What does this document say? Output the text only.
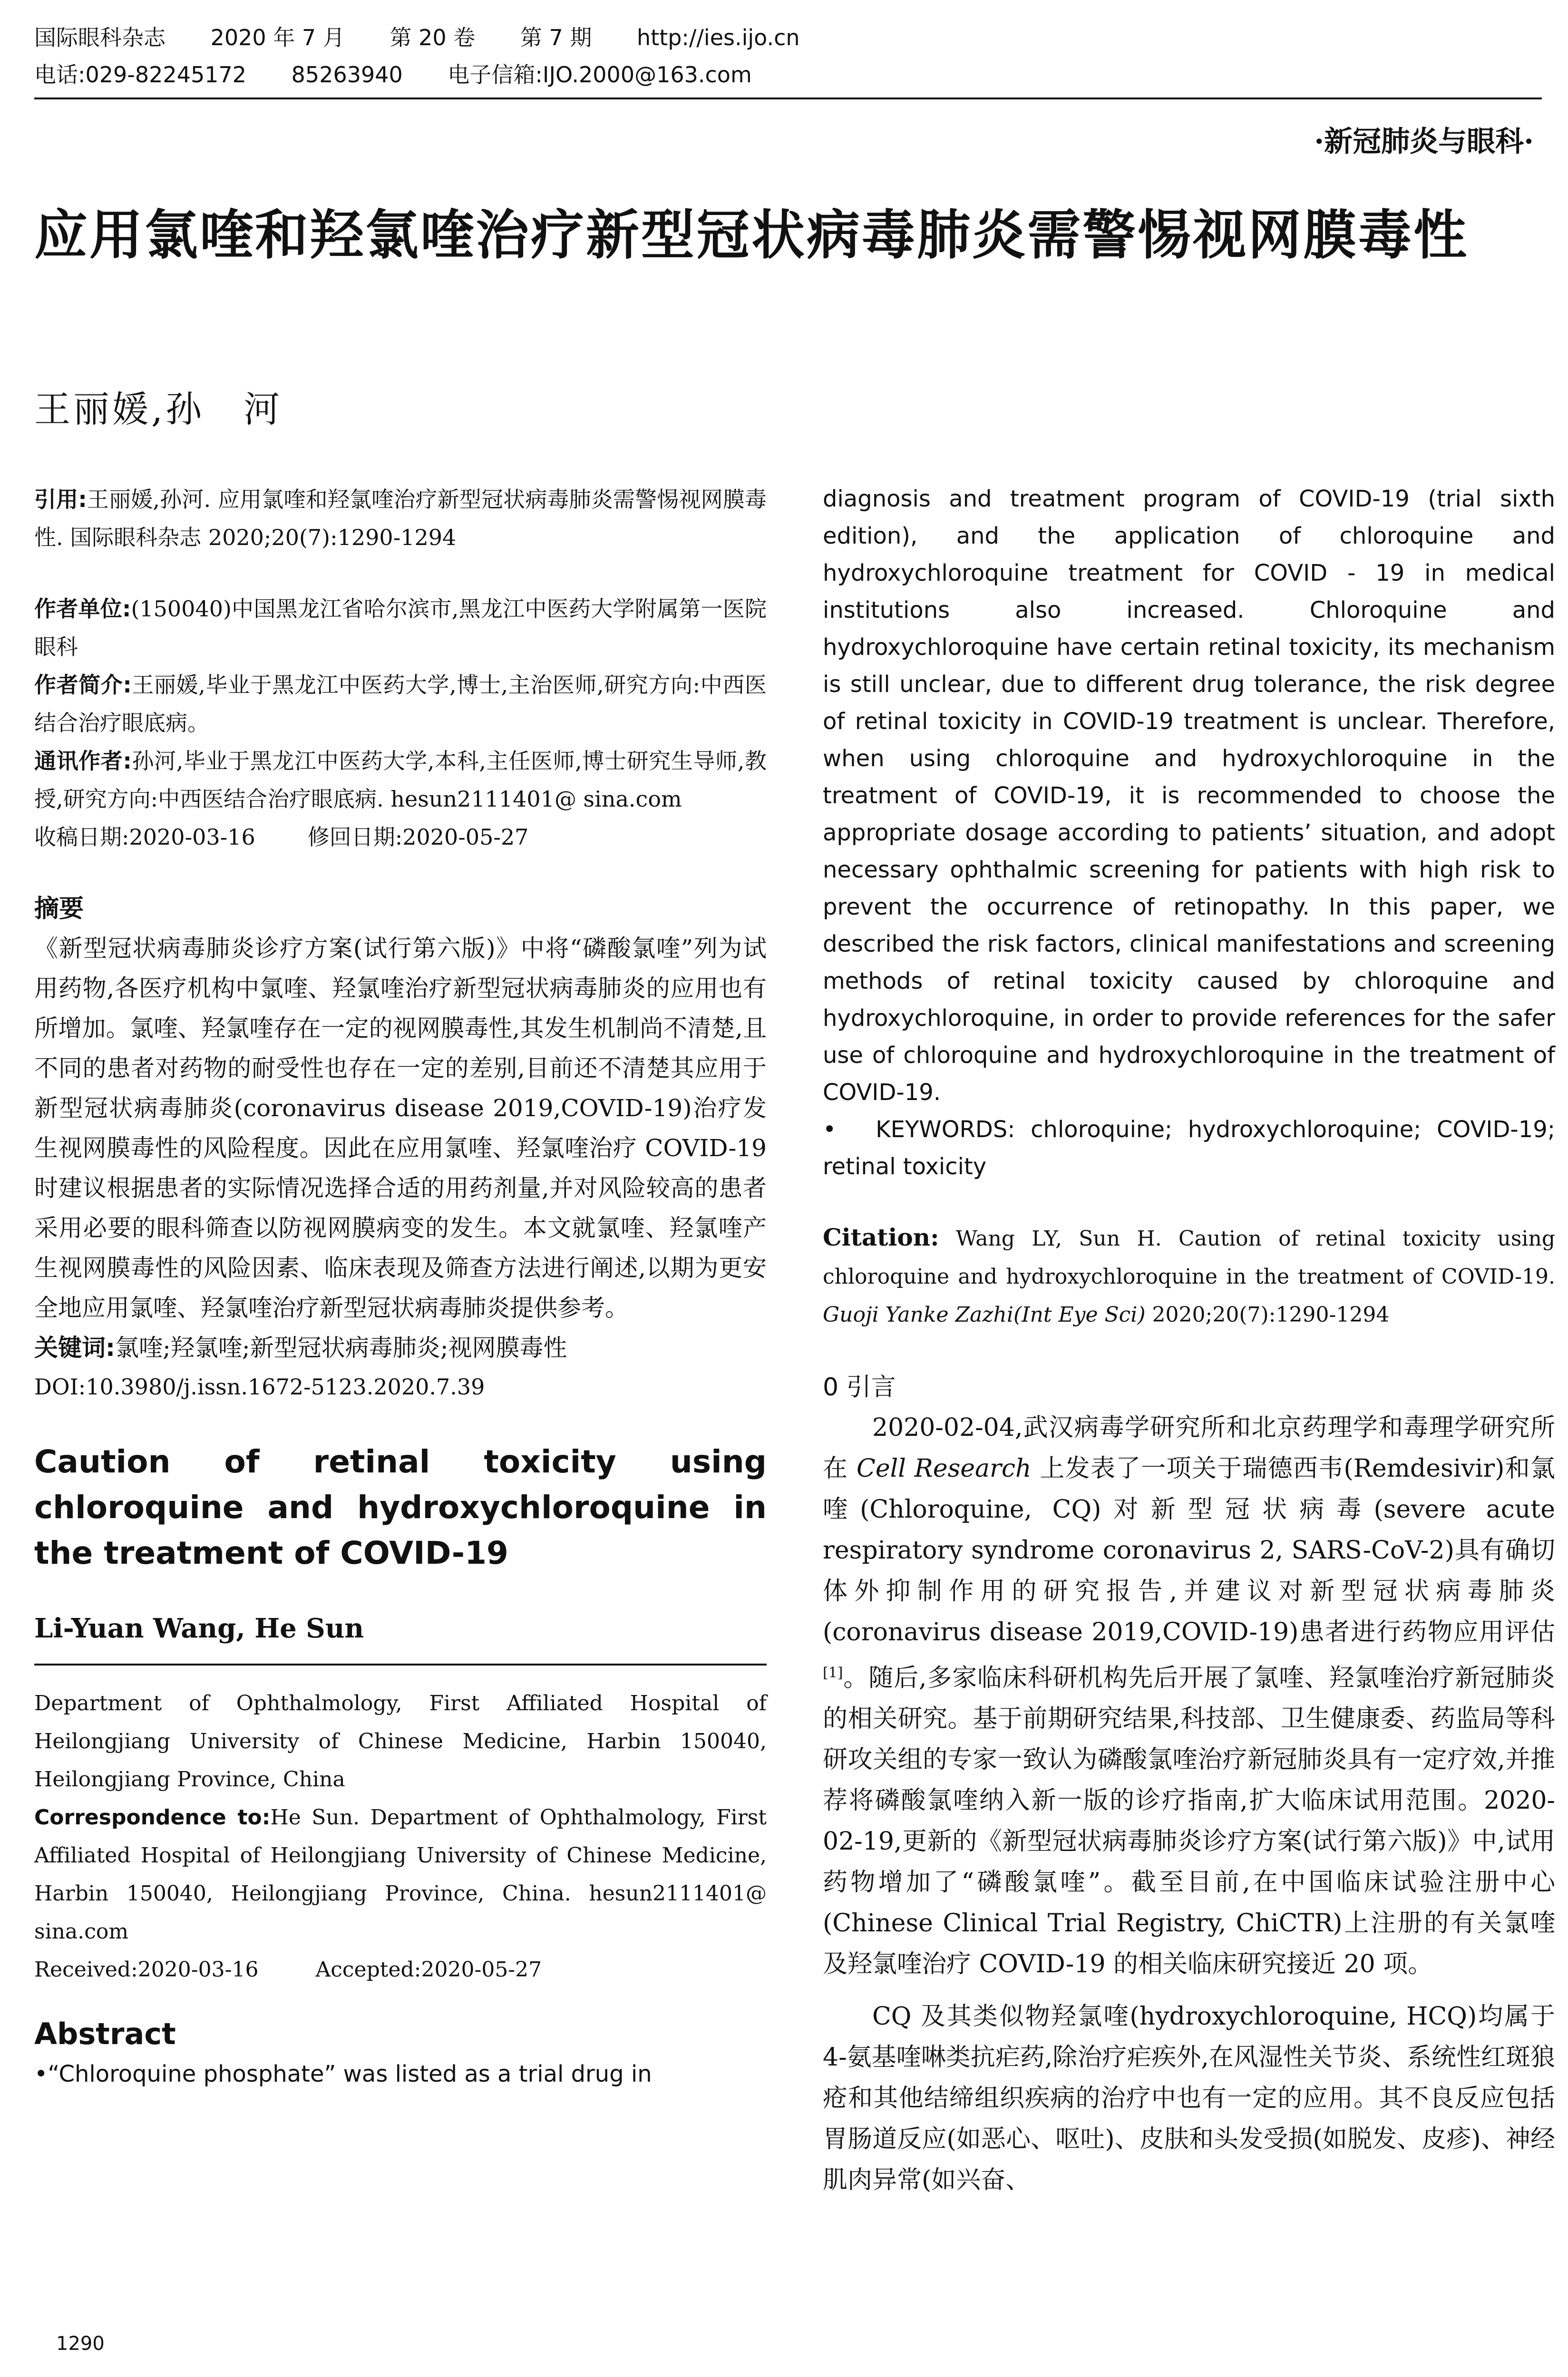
国际眼科杂志 2020 年 7 月 第 20 卷 第 7 期 http://ies.ijo.cn
电话:029-82245172 85263940 电子信箱:IJO.2000@163.com
·新冠肺炎与眼科·
应用氯喹和羟氯喹治疗新型冠状病毒肺炎需警惕视网膜毒性
王丽媛,孙　河
引用:王丽媛,孙河. 应用氯喹和羟氯喹治疗新型冠状病毒肺炎需警惕视网膜毒性. 国际眼科杂志 2020;20(7):1290-1294
作者单位:(150040)中国黑龙江省哈尔滨市,黑龙江中医药大学附属第一医院眼科
作者简介:王丽媛,毕业于黑龙江中医药大学,博士,主治医师,研究方向:中西医结合治疗眼底病。
通讯作者:孙河,毕业于黑龙江中医药大学,本科,主任医师,博士研究生导师,教授,研究方向:中西医结合治疗眼底病. hesun2111401@ sina.com
收稿日期:2020-03-16 修回日期:2020-05-27
摘要
《新型冠状病毒肺炎诊疗方案(试行第六版)》中将“磷酸氯喹”列为试用药物,各医疗机构中氯喹、羟氯喹治疗新型冠状病毒肺炎的应用也有所增加。氯喹、羟氯喹存在一定的视网膜毒性,其发生机制尚不清楚,且不同的患者对药物的耐受性也存在一定的差别,目前还不清楚其应用于新型冠状病毒肺炎(coronavirus disease 2019,COVID-19)治疗发生视网膜毒性的风险程度。因此在应用氯喹、羟氯喹治疗 COVID-19 时建议根据患者的实际情况选择合适的用药剂量,并对风险较高的患者采用必要的眼科筛查以防视网膜病变的发生。本文就氯喹、羟氯喹产生视网膜毒性的风险因素、临床表现及筛查方法进行阐述,以期为更安全地应用氯喹、羟氯喹治疗新型冠状病毒肺炎提供参考。
关键词:氯喹;羟氯喹;新型冠状病毒肺炎;视网膜毒性
DOI:10.3980/j.issn.1672-5123.2020.7.39
Caution of retinal toxicity using chloroquine and hydroxychloroquine in the treatment of COVID-19
Li-Yuan Wang, He Sun
Department of Ophthalmology, First Affiliated Hospital of Heilongjiang University of Chinese Medicine, Harbin 150040, Heilongjiang Province, China
Correspondence to:He Sun. Department of Ophthalmology, First Affiliated Hospital of Heilongjiang University of Chinese Medicine, Harbin 150040, Heilongjiang Province, China. hesun2111401@ sina.com
Received:2020-03-16	Accepted:2020-05-27
Abstract
•“Chloroquine phosphate” was listed as a trial drug in
diagnosis and treatment program of COVID-19 (trial sixth edition), and the application of chloroquine and hydroxychloroquine treatment for COVID - 19 in medical institutions also increased. Chloroquine and hydroxychloroquine have certain retinal toxicity, its mechanism is still unclear, due to different drug tolerance, the risk degree of retinal toxicity in COVID-19 treatment is unclear. Therefore, when using chloroquine and hydroxychloroquine in the treatment of COVID-19, it is recommended to choose the appropriate dosage according to patients’ situation, and adopt necessary ophthalmic screening for patients with high risk to prevent the occurrence of retinopathy. In this paper, we described the risk factors, clinical manifestations and screening methods of retinal toxicity caused by chloroquine and hydroxychloroquine, in order to provide references for the safer use of chloroquine and hydroxychloroquine in the treatment of COVID-19.
•　KEYWORDS: chloroquine; hydroxychloroquine; COVID-19; retinal toxicity
Citation: Wang LY, Sun H. Caution of retinal toxicity using chloroquine and hydroxychloroquine in the treatment of COVID-19. Guoji Yanke Zazhi(Int Eye Sci) 2020;20(7):1290-1294
0 引言
2020-02-04,武汉病毒学研究所和北京药理学和毒理学研究所在 Cell Research 上发表了一项关于瑞德西韦(Remdesivir)和氯喹(Chloroquine, CQ)对新型冠状病毒(severe acute respiratory syndrome coronavirus 2, SARS-CoV-2)具有确切体外抑制作用的研究报告,并建议对新型冠状病毒肺炎(coronavirus disease 2019,COVID-19)患者进行药物应用评估[1]。随后,多家临床科研机构先后开展了氯喹、羟氯喹治疗新冠肺炎的相关研究。基于前期研究结果,科技部、卫生健康委、药监局等科研攻关组的专家一致认为磷酸氯喹治疗新冠肺炎具有一定疗效,并推荐将磷酸氯喹纳入新一版的诊疗指南,扩大临床试用范围。2020-02-19,更新的《新型冠状病毒肺炎诊疗方案(试行第六版)》中,试用药物增加了“磷酸氯喹”。截至目前,在中国临床试验注册中心(Chinese Clinical Trial Registry, ChiCTR)上注册的有关氯喹及羟氯喹治疗 COVID-19 的相关临床研究接近 20 项。
CQ 及其类似物羟氯喹(hydroxychloroquine, HCQ)均属于 4-氨基喹啉类抗疟药,除治疗疟疾外,在风湿性关节炎、系统性红斑狼疮和其他结缔组织疾病的治疗中也有一定的应用。其不良反应包括胃肠道反应(如恶心、呕吐)、皮肤和头发受损(如脱发、皮疹)、神经肌肉异常(如兴奋、
1290
